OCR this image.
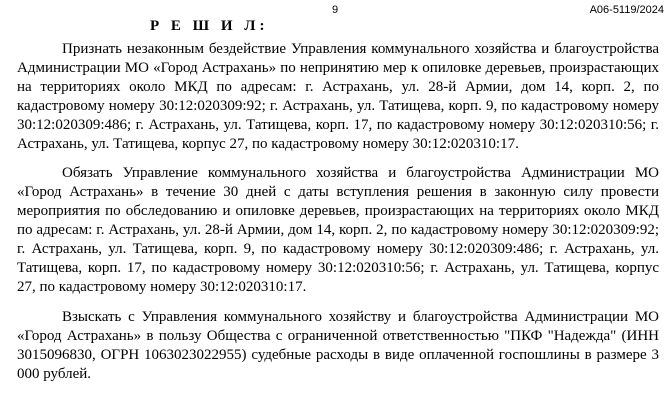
9	А06-5119/2024
Р Е Ш И Л:

Признать незаконным бездействие Управления коммунального хозяйства и благоустройства Администрации МО «Город Астрахань» по непринятию мер к опиловке деревьев, произрастающих на территориях около МКД по адресам: г. Астрахань, ул. 28-й Армии, дом 14, корп. 2, по кадастровому номеру 30:12:020309:92; г. Астрахань, ул. Татищева, корп. 9, по кадастровому номеру 30:12:020309:486; г. Астрахань, ул. Татищева, корп. 17, по кадастровому номеру 30:12:020310:56; г. Астрахань, ул. Татищева, корпус 27, по кадастровому номеру 30:12:020310:17.

Обязать Управление коммунального хозяйства и благоустройства Администрации МО «Город Астрахань» в течение 30 дней с даты вступления решения в законную силу провести мероприятия по обследованию и опиловке деревьев, произрастающих на территориях около МКД по адресам: г. Астрахань, ул. 28-й Армии, дом 14, корп. 2, по кадастровому номеру 30:12:020309:92; г. Астрахань, ул. Татищева, корп. 9, по кадастровому номеру 30:12:020309:486; г. Астрахань, ул. Татищева, корп. 17, по кадастровому номеру 30:12:020310:56; г. Астрахань, ул. Татищева, корпус 27, по кадастровому номеру 30:12:020310:17.

Взыскать с Управления коммунального хозяйству и благоустройства Администрации МО «Город Астрахань» в пользу Общества с ограниченной ответственностью "ПКФ "Надежда" (ИНН 3015096830, ОГРН 1063023022955) судебные расходы в виде оплаченной госпошлины в размере 3 000 рублей.
